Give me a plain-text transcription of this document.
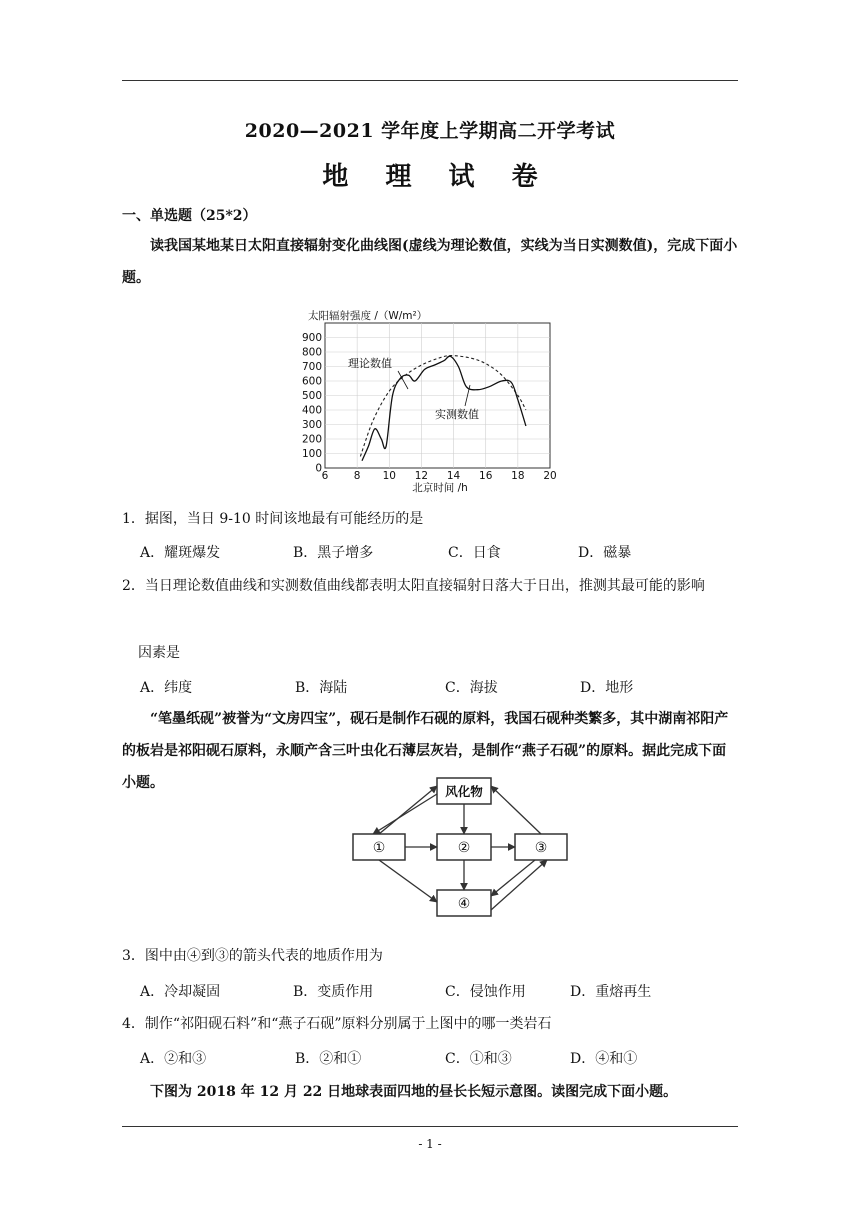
2020—2021 学年度上学期高二开学考试
地 理 试 卷
一、单选题（25*2）
读我国某地某日太阳直接辐射变化曲线图(虚线为理论数值，实线为当日实测数值)，完成下面小题。
太阳辐射强度 /（W/m²）
0
100
200
300
400
500
600
700
800
900
6 8 10 12 14 16 18 20
理论数值
实测数值
北京时间 /h
1．据图，当日 9-10 时间该地最有可能经历的是
A．耀斑爆发	B．黑子增多	C．日食	D．磁暴
2．当日理论数值曲线和实测数值曲线都表明太阳直接辐射日落大于日出，推测其最可能的影响
因素是
A．纬度	B．海陆	C．海拔	D．地形
“笔墨纸砚”被誉为“文房四宝”，砚石是制作石砚的原料，我国石砚种类繁多，其中湖南祁阳产的板岩是祁阳砚石原料，永顺产含三叶虫化石薄层灰岩，是制作“燕子石砚”的原料。据此完成下面小题。
风化物
①	②	③
④
3．图中由④到③的箭头代表的地质作用为
A．冷却凝固	B．变质作用	C．侵蚀作用	D．重熔再生
4．制作“祁阳砚石料”和“燕子石砚”原料分别属于上图中的哪一类岩石
A．②和③	B．②和①	C．①和③	D．④和①
下图为 2018 年 12 月 22 日地球表面四地的昼长长短示意图。读图完成下面小题。
- 1 -
